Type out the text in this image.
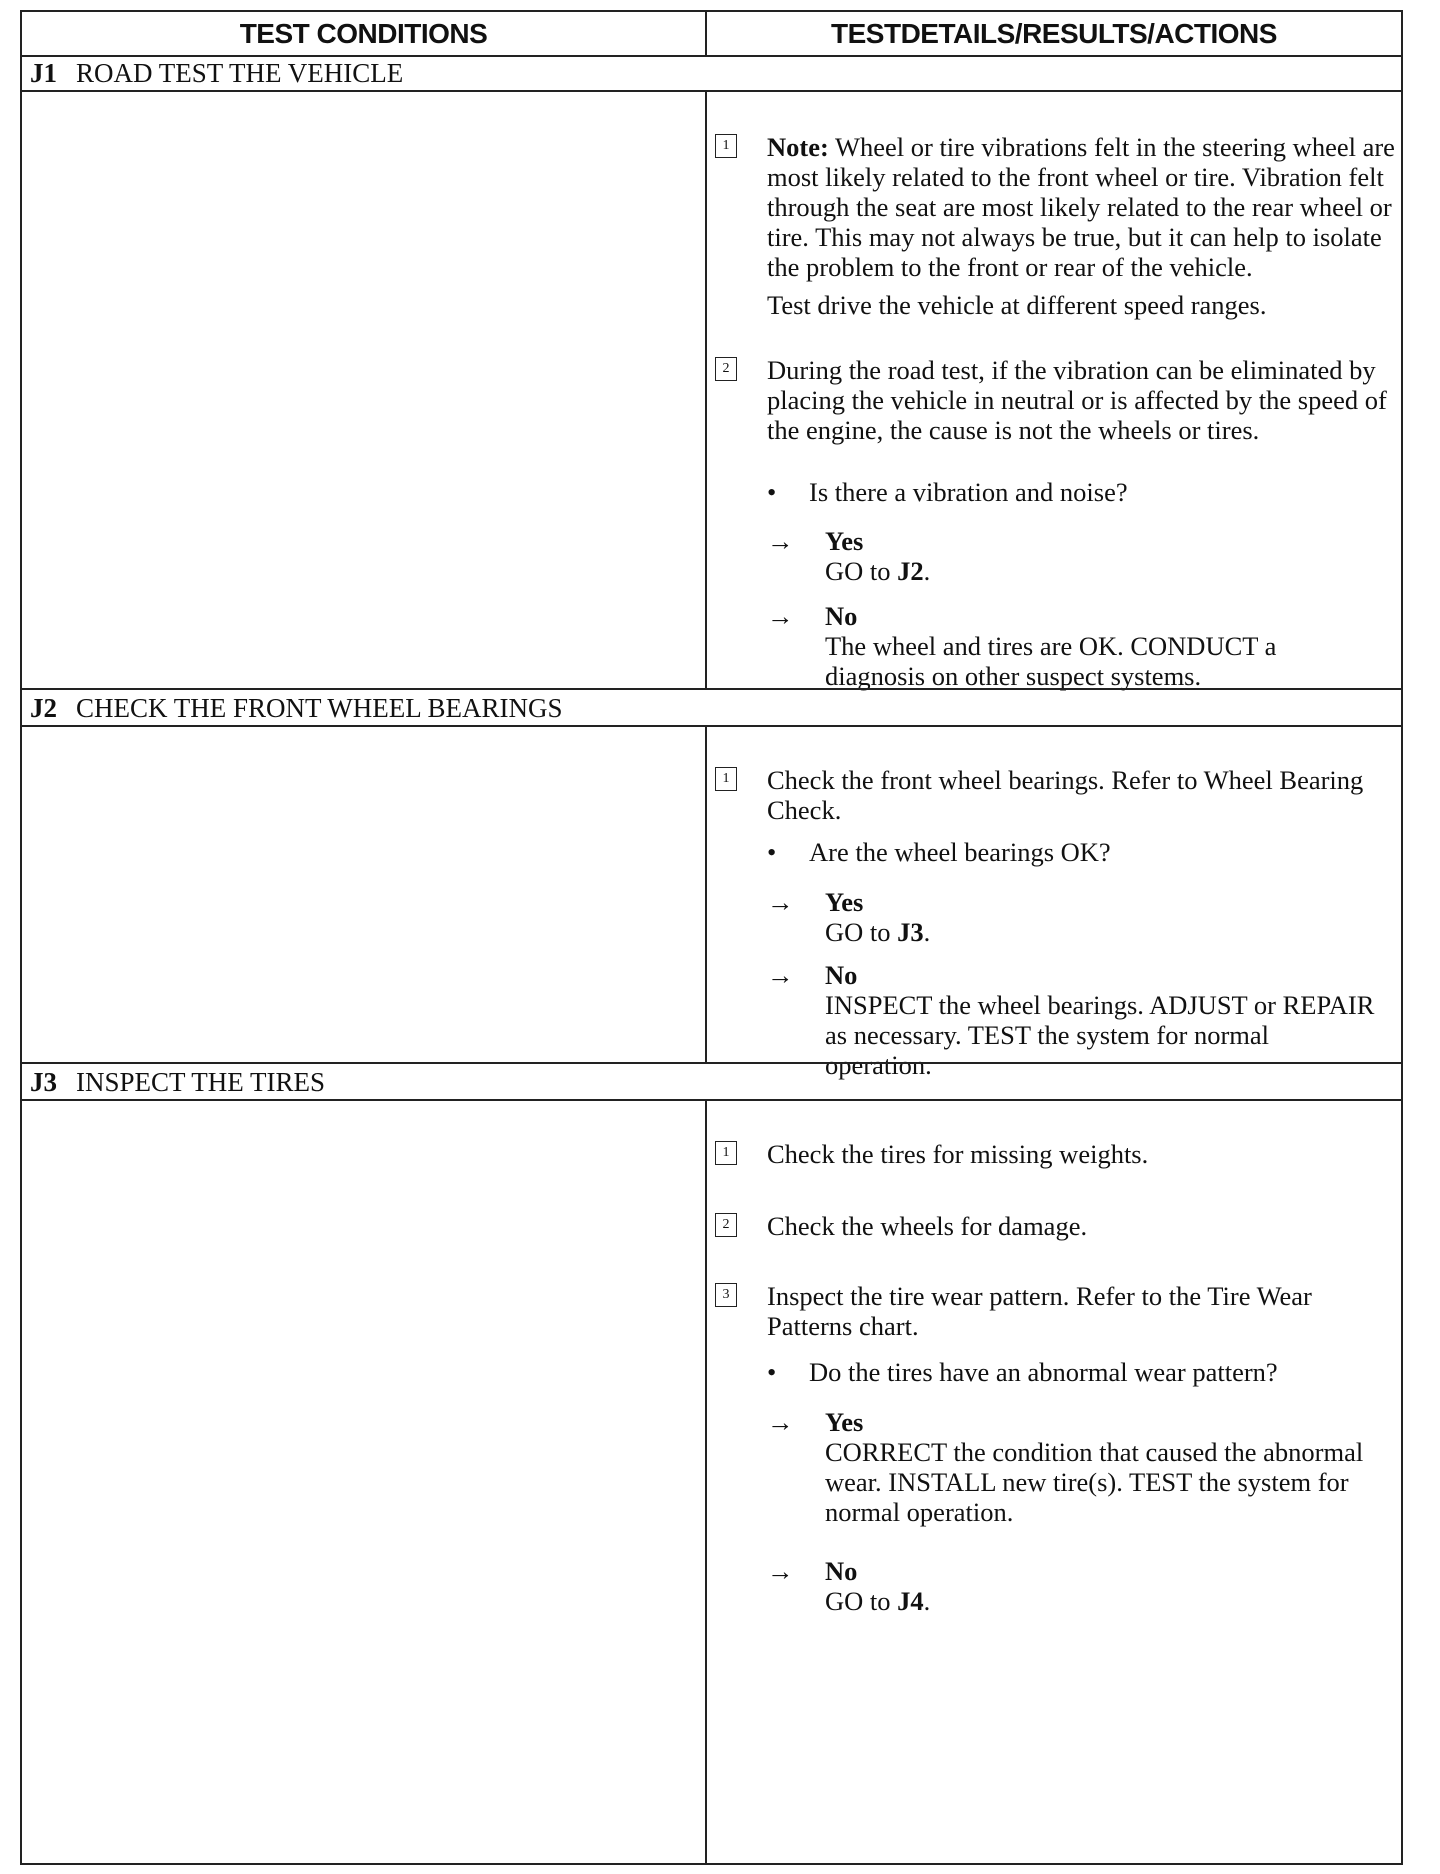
TEST CONDITIONS	TESTDETAILS/RESULTS/ACTIONS
J1 ROAD TEST THE VEHICLE
1 Note: Wheel or tire vibrations felt in the steering wheel are most likely related to the front wheel or tire. Vibration felt through the seat are most likely related to the rear wheel or tire. This may not always be true, but it can help to isolate the problem to the front or rear of the vehicle.

Test drive the vehicle at different speed ranges.

2 During the road test, if the vibration can be eliminated by placing the vehicle in neutral or is affected by the speed of the engine, the cause is not the wheels or tires.
• Is there a vibration and noise?
→ Yes
GO to J2.
→ No
The wheel and tires are OK. CONDUCT a diagnosis on other suspect systems.
J2 CHECK THE FRONT WHEEL BEARINGS
1 Check the front wheel bearings. Refer to Wheel Bearing Check.
• Are the wheel bearings OK?
→ Yes
GO to J3.
→ No
INSPECT the wheel bearings. ADJUST or REPAIR as necessary. TEST the system for normal operation.
J3 INSPECT THE TIRES
1 Check the tires for missing weights.
2 Check the wheels for damage.
3 Inspect the tire wear pattern. Refer to the Tire Wear Patterns chart.
• Do the tires have an abnormal wear pattern?
→ Yes
CORRECT the condition that caused the abnormal wear. INSTALL new tire(s). TEST the system for normal operation.
→ No
GO to J4.
